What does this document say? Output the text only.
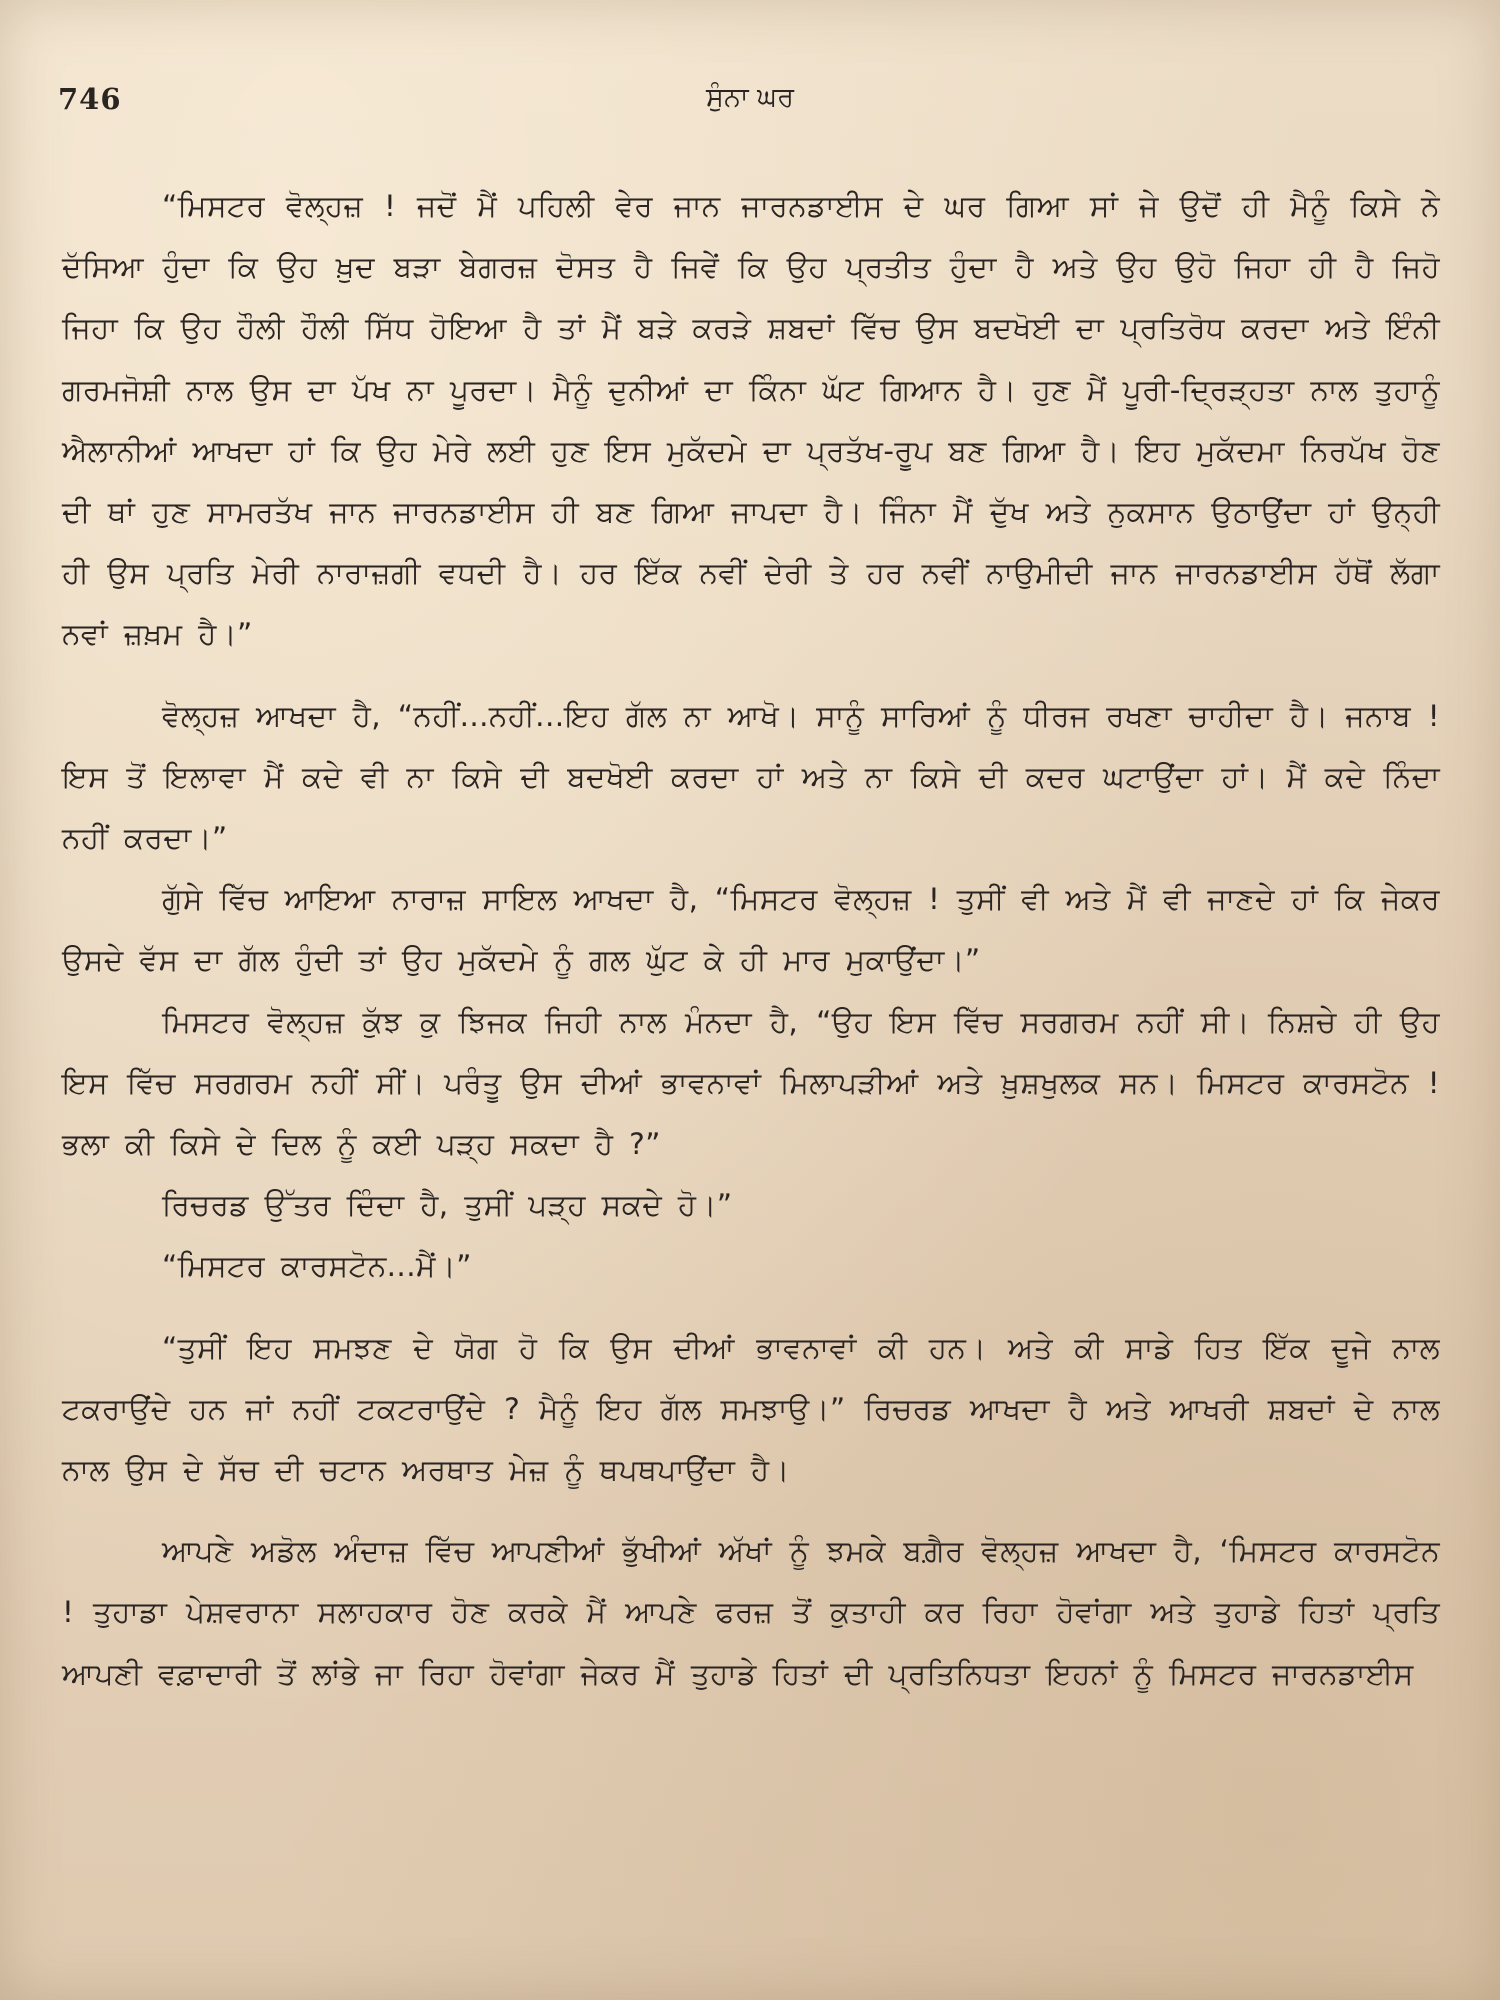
746	ਸੁੰਨਾ ਘਰ

“ਮਿਸਟਰ ਵੋਲ੍ਹਜ਼ ! ਜਦੋਂ ਮੈਂ ਪਹਿਲੀ ਵੇਰ ਜਾਨ ਜਾਰਨਡਾਈਸ ਦੇ ਘਰ ਗਿਆ ਸਾਂ ਜੇ ਉਦੋਂ ਹੀ ਮੈਨੂੰ ਕਿਸੇ ਨੇ ਦੱਸਿਆ ਹੁੰਦਾ ਕਿ ਉਹ ਖ਼ੁਦ ਬੜਾ ਬੇਗਰਜ਼ ਦੋਸਤ ਹੈ ਜਿਵੇਂ ਕਿ ਉਹ ਪ੍ਰਤੀਤ ਹੁੰਦਾ ਹੈ ਅਤੇ ਉਹ ਉਹੋ ਜਿਹਾ ਹੀ ਹੈ ਜਿਹੋ ਜਿਹਾ ਕਿ ਉਹ ਹੌਲੀ ਹੌਲੀ ਸਿੱਧ ਹੋਇਆ ਹੈ ਤਾਂ ਮੈਂ ਬੜੇ ਕਰੜੇ ਸ਼ਬਦਾਂ ਵਿੱਚ ਉਸ ਬਦਖੋਈ ਦਾ ਪ੍ਰਤਿਰੋਧ ਕਰਦਾ ਅਤੇ ਇੰਨੀ ਗਰਮਜੋਸ਼ੀ ਨਾਲ ਉਸ ਦਾ ਪੱਖ ਨਾ ਪੂਰਦਾ। ਮੈਨੂੰ ਦੁਨੀਆਂ ਦਾ ਕਿੰਨਾ ਘੱਟ ਗਿਆਨ ਹੈ। ਹੁਣ ਮੈਂ ਪੂਰੀ-ਦ੍ਰਿੜ੍ਹਤਾ ਨਾਲ ਤੁਹਾਨੂੰ ਐਲਾਨੀਆਂ ਆਖਦਾ ਹਾਂ ਕਿ ਉਹ ਮੇਰੇ ਲਈ ਹੁਣ ਇਸ ਮੁਕੱਦਮੇ ਦਾ ਪ੍ਰਤੱਖ-ਰੂਪ ਬਣ ਗਿਆ ਹੈ। ਇਹ ਮੁਕੱਦਮਾ ਨਿਰਪੱਖ ਹੋਣ ਦੀ ਥਾਂ ਹੁਣ ਸਾਮਰਤੱਖ ਜਾਨ ਜਾਰਨਡਾਈਸ ਹੀ ਬਣ ਗਿਆ ਜਾਪਦਾ ਹੈ। ਜਿੰਨਾ ਮੈਂ ਦੁੱਖ ਅਤੇ ਨੁਕਸਾਨ ਉਠਾਉਂਦਾ ਹਾਂ ਉਨ੍ਹੀ ਹੀ ਉਸ ਪ੍ਰਤਿ ਮੇਰੀ ਨਾਰਾਜ਼ਗੀ ਵਧਦੀ ਹੈ। ਹਰ ਇੱਕ ਨਵੀਂ ਦੇਰੀ ਤੇ ਹਰ ਨਵੀਂ ਨਾਉਮੀਦੀ ਜਾਨ ਜਾਰਨਡਾਈਸ ਹੱਥੋਂ ਲੱਗਾ ਨਵਾਂ ਜ਼ਖ਼ਮ ਹੈ।”

ਵੋਲ੍ਹਜ਼ ਆਖਦਾ ਹੈ, “ਨਹੀਂ...ਨਹੀਂ...ਇਹ ਗੱਲ ਨਾ ਆਖੋ। ਸਾਨੂੰ ਸਾਰਿਆਂ ਨੂੰ ਧੀਰਜ ਰਖਣਾ ਚਾਹੀਦਾ ਹੈ। ਜਨਾਬ ! ਇਸ ਤੋਂ ਇਲਾਵਾ ਮੈਂ ਕਦੇ ਵੀ ਨਾ ਕਿਸੇ ਦੀ ਬਦਖੋਈ ਕਰਦਾ ਹਾਂ ਅਤੇ ਨਾ ਕਿਸੇ ਦੀ ਕਦਰ ਘਟਾਉਂਦਾ ਹਾਂ। ਮੈਂ ਕਦੇ ਨਿੰਦਾ ਨਹੀਂ ਕਰਦਾ।”

ਗੁੱਸੇ ਵਿੱਚ ਆਇਆ ਨਾਰਾਜ਼ ਸਾਇਲ ਆਖਦਾ ਹੈ, “ਮਿਸਟਰ ਵੋਲ੍ਹਜ਼ ! ਤੁਸੀਂ ਵੀ ਅਤੇ ਮੈਂ ਵੀ ਜਾਣਦੇ ਹਾਂ ਕਿ ਜੇਕਰ ਉਸਦੇ ਵੱਸ ਦਾ ਗੱਲ ਹੁੰਦੀ ਤਾਂ ਉਹ ਮੁਕੱਦਮੇ ਨੂੰ ਗਲ ਘੁੱਟ ਕੇ ਹੀ ਮਾਰ ਮੁਕਾਉਂਦਾ।”

ਮਿਸਟਰ ਵੋਲ੍ਹਜ਼ ਕੁੱਝ ਕੁ ਝਿਜਕ ਜਿਹੀ ਨਾਲ ਮੰਨਦਾ ਹੈ, “ਉਹ ਇਸ ਵਿੱਚ ਸਰਗਰਮ ਨਹੀਂ ਸੀ। ਨਿਸ਼ਚੇ ਹੀ ਉਹ ਇਸ ਵਿੱਚ ਸਰਗਰਮ ਨਹੀਂ ਸੀਂ। ਪਰੰਤੂ ਉਸ ਦੀਆਂ ਭਾਵਨਾਵਾਂ ਮਿਲਾਪੜੀਆਂ ਅਤੇ ਖ਼ੁਸ਼ਖੁਲਕ ਸਨ। ਮਿਸਟਰ ਕਾਰਸਟੋਨ ! ਭਲਾ ਕੀ ਕਿਸੇ ਦੇ ਦਿਲ ਨੂੰ ਕਈ ਪੜ੍ਹ ਸਕਦਾ ਹੈ ?”

ਰਿਚਰਡ ਉੱਤਰ ਦਿੰਦਾ ਹੈ, ਤੁਸੀਂ ਪੜ੍ਹ ਸਕਦੇ ਹੋ।”

“ਮਿਸਟਰ ਕਾਰਸਟੋਨ...ਮੈਂ।”

“ਤੁਸੀਂ ਇਹ ਸਮਝਣ ਦੇ ਯੋਗ ਹੋ ਕਿ ਉਸ ਦੀਆਂ ਭਾਵਨਾਵਾਂ ਕੀ ਹਨ। ਅਤੇ ਕੀ ਸਾਡੇ ਹਿਤ ਇੱਕ ਦੂਜੇ ਨਾਲ ਟਕਰਾਉਂਦੇ ਹਨ ਜਾਂ ਨਹੀਂ ਟਕਟਰਾਉਂਦੇ ? ਮੈਨੂੰ ਇਹ ਗੱਲ ਸਮਝਾਉ।” ਰਿਚਰਡ ਆਖਦਾ ਹੈ ਅਤੇ ਆਖਰੀ ਸ਼ਬਦਾਂ ਦੇ ਨਾਲ ਨਾਲ ਉਸ ਦੇ ਸੱਚ ਦੀ ਚਟਾਨ ਅਰਥਾਤ ਮੇਜ਼ ਨੂੰ ਥਪਥਪਾਉਂਦਾ ਹੈ।

ਆਪਣੇ ਅਡੋਲ ਅੰਦਾਜ਼ ਵਿੱਚ ਆਪਣੀਆਂ ਭੁੱਖੀਆਂ ਅੱਖਾਂ ਨੂੰ ਝਮਕੇ ਬਗ਼ੈਰ ਵੋਲ੍ਹਜ਼ ਆਖਦਾ ਹੈ, ‘ਮਿਸਟਰ ਕਾਰਸਟੋਨ ! ਤੁਹਾਡਾ ਪੇਸ਼ਵਰਾਨਾ ਸਲਾਹਕਾਰ ਹੋਣ ਕਰਕੇ ਮੈਂ ਆਪਣੇ ਫਰਜ਼ ਤੋਂ ਕੁਤਾਹੀ ਕਰ ਰਿਹਾ ਹੋਵਾਂਗਾ ਅਤੇ ਤੁਹਾਡੇ ਹਿਤਾਂ ਪ੍ਰਤਿ ਆਪਣੀ ਵਫ਼ਾਦਾਰੀ ਤੋਂ ਲਾਂਭੇ ਜਾ ਰਿਹਾ ਹੋਵਾਂਗਾ ਜੇਕਰ ਮੈਂ ਤੁਹਾਡੇ ਹਿਤਾਂ ਦੀ ਪ੍ਰਤਿਨਿਧਤਾ ਇਹਨਾਂ ਨੂੰ ਮਿਸਟਰ ਜਾਰਨਡਾਈਸ
